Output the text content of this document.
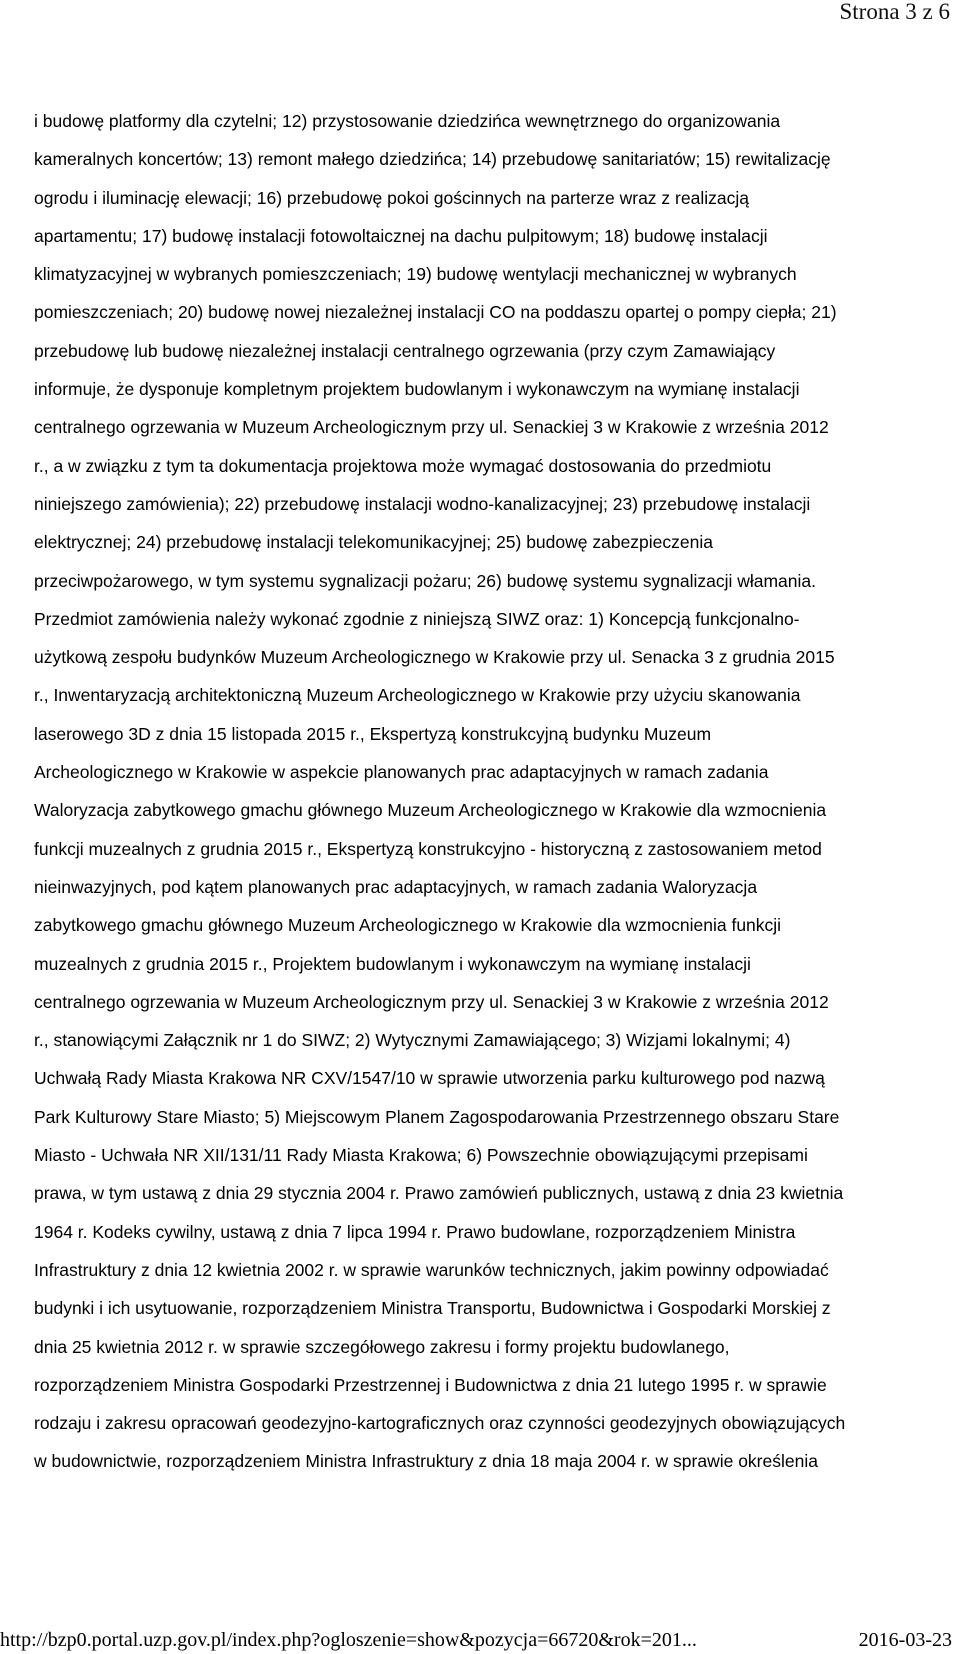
Strona 3 z 6
i budowę platformy dla czytelni; 12) przystosowanie dziedzińca wewnętrznego do organizowania
kameralnych koncertów; 13) remont małego dziedzińca; 14) przebudowę sanitariatów; 15) rewitalizację
ogrodu i iluminację elewacji; 16) przebudowę pokoi gościnnych na parterze wraz z realizacją
apartamentu; 17) budowę instalacji fotowoltaicznej na dachu pulpitowym; 18) budowę instalacji
klimatyzacyjnej w wybranych pomieszczeniach; 19) budowę wentylacji mechanicznej w wybranych
pomieszczeniach; 20) budowę nowej niezależnej instalacji CO na poddaszu opartej o pompy ciepła; 21)
przebudowę lub budowę niezależnej instalacji centralnego ogrzewania (przy czym Zamawiający
informuje, że dysponuje kompletnym projektem budowlanym i wykonawczym na wymianę instalacji
centralnego ogrzewania w Muzeum Archeologicznym przy ul. Senackiej 3 w Krakowie z września 2012
r., a w związku z tym ta dokumentacja projektowa może wymagać dostosowania do przedmiotu
niniejszego zamówienia); 22) przebudowę instalacji wodno-kanalizacyjnej; 23) przebudowę instalacji
elektrycznej; 24) przebudowę instalacji telekomunikacyjnej; 25) budowę zabezpieczenia
przeciwpożarowego, w tym systemu sygnalizacji pożaru; 26) budowę systemu sygnalizacji włamania.
Przedmiot zamówienia należy wykonać zgodnie z niniejszą SIWZ oraz: 1) Koncepcją funkcjonalno-
użytkową zespołu budynków Muzeum Archeologicznego w Krakowie przy ul. Senacka 3 z grudnia 2015
r., Inwentaryzacją architektoniczną Muzeum Archeologicznego w Krakowie przy użyciu skanowania
laserowego 3D z dnia 15 listopada 2015 r., Ekspertyzą konstrukcyjną budynku Muzeum
Archeologicznego w Krakowie w aspekcie planowanych prac adaptacyjnych w ramach zadania
Waloryzacja zabytkowego gmachu głównego Muzeum Archeologicznego w Krakowie dla wzmocnienia
funkcji muzealnych z grudnia 2015 r., Ekspertyzą konstrukcyjno - historyczną z zastosowaniem metod
nieinwazyjnych, pod kątem planowanych prac adaptacyjnych, w ramach zadania Waloryzacja
zabytkowego gmachu głównego Muzeum Archeologicznego w Krakowie dla wzmocnienia funkcji
muzealnych z grudnia 2015 r., Projektem budowlanym i wykonawczym na wymianę instalacji
centralnego ogrzewania w Muzeum Archeologicznym przy ul. Senackiej 3 w Krakowie z września 2012
r., stanowiącymi Załącznik nr 1 do SIWZ; 2) Wytycznymi Zamawiającego; 3) Wizjami lokalnymi; 4)
Uchwałą Rady Miasta Krakowa NR CXV/1547/10 w sprawie utworzenia parku kulturowego pod nazwą
Park Kulturowy Stare Miasto; 5) Miejscowym Planem Zagospodarowania Przestrzennego obszaru Stare
Miasto - Uchwała NR XII/131/11 Rady Miasta Krakowa; 6) Powszechnie obowiązującymi przepisami
prawa, w tym ustawą z dnia 29 stycznia 2004 r. Prawo zamówień publicznych, ustawą z dnia 23 kwietnia
1964 r. Kodeks cywilny, ustawą z dnia 7 lipca 1994 r. Prawo budowlane, rozporządzeniem Ministra
Infrastruktury z dnia 12 kwietnia 2002 r. w sprawie warunków technicznych, jakim powinny odpowiadać
budynki i ich usytuowanie, rozporządzeniem Ministra Transportu, Budownictwa i Gospodarki Morskiej z
dnia 25 kwietnia 2012 r. w sprawie szczegółowego zakresu i formy projektu budowlanego,
rozporządzeniem Ministra Gospodarki Przestrzennej i Budownictwa z dnia 21 lutego 1995 r. w sprawie
rodzaju i zakresu opracowań geodezyjno-kartograficznych oraz czynności geodezyjnych obowiązujących
w budownictwie, rozporządzeniem Ministra Infrastruktury z dnia 18 maja 2004 r. w sprawie określenia
http://bzp0.portal.uzp.gov.pl/index.php?ogloszenie=show&pozycja=66720&rok=201...	2016-03-23
